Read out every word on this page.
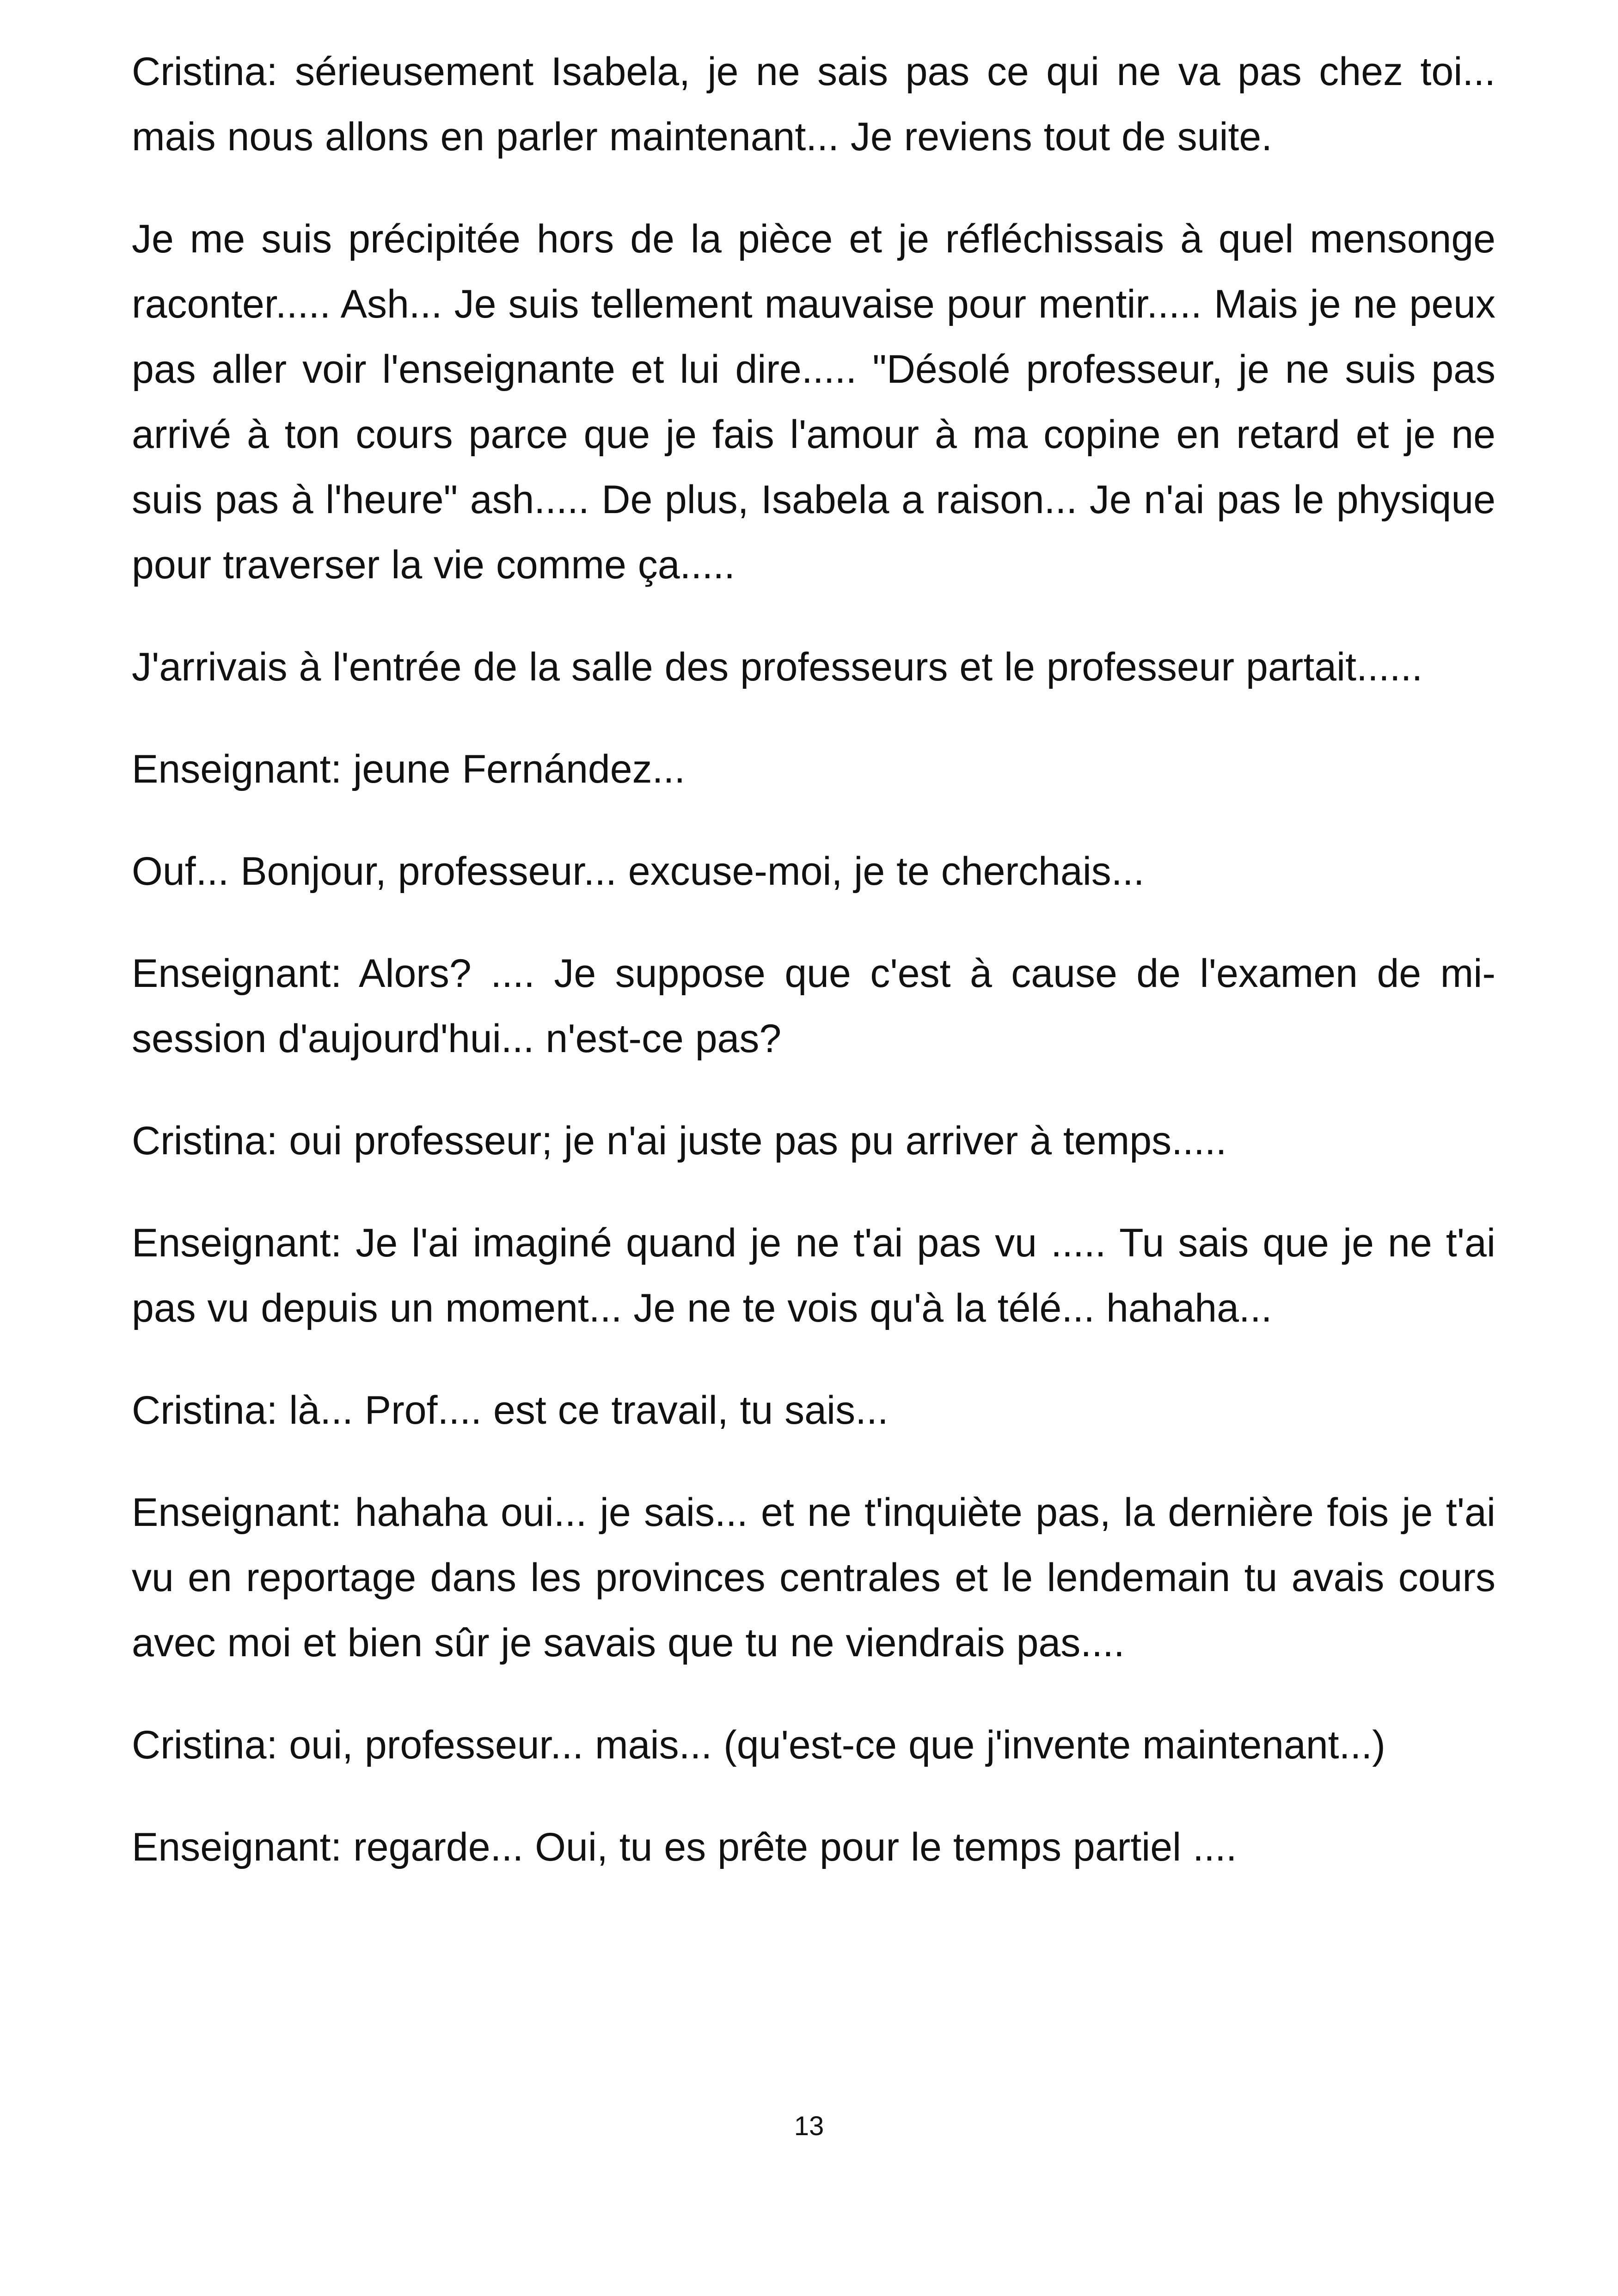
Cristina: sérieusement Isabela, je ne sais pas ce qui ne va pas chez toi... mais nous allons en parler maintenant... Je reviens tout de suite.

Je me suis précipitée hors de la pièce et je réfléchissais à quel mensonge raconter..... Ash... Je suis tellement mauvaise pour mentir..... Mais je ne peux pas aller voir l'enseignante et lui dire..... "Désolé professeur, je ne suis pas arrivé à ton cours parce que je fais l'amour à ma copine en retard et je ne suis pas à l'heure" ash..... De plus, Isabela a raison... Je n'ai pas le physique pour traverser la vie comme ça.....

J'arrivais à l'entrée de la salle des professeurs et le professeur partait......

Enseignant: jeune Fernández...

Ouf... Bonjour, professeur... excuse-moi, je te cherchais...

Enseignant: Alors? .... Je suppose que c'est à cause de l'examen de mi-session d'aujourd'hui... n'est-ce pas?

Cristina: oui professeur; je n'ai juste pas pu arriver à temps.....

Enseignant: Je l'ai imaginé quand je ne t'ai pas vu ..... Tu sais que je ne t'ai pas vu depuis un moment... Je ne te vois qu'à la télé... hahaha...

Cristina: là... Prof.... est ce travail, tu sais...

Enseignant: hahaha oui... je sais... et ne t'inquiète pas, la dernière fois je t'ai vu en reportage dans les provinces centrales et le lendemain tu avais cours avec moi et bien sûr je savais que tu ne viendrais pas....

Cristina: oui, professeur... mais... (qu'est-ce que j'invente maintenant...)

Enseignant: regarde... Oui, tu es prête pour le temps partiel ....

13
